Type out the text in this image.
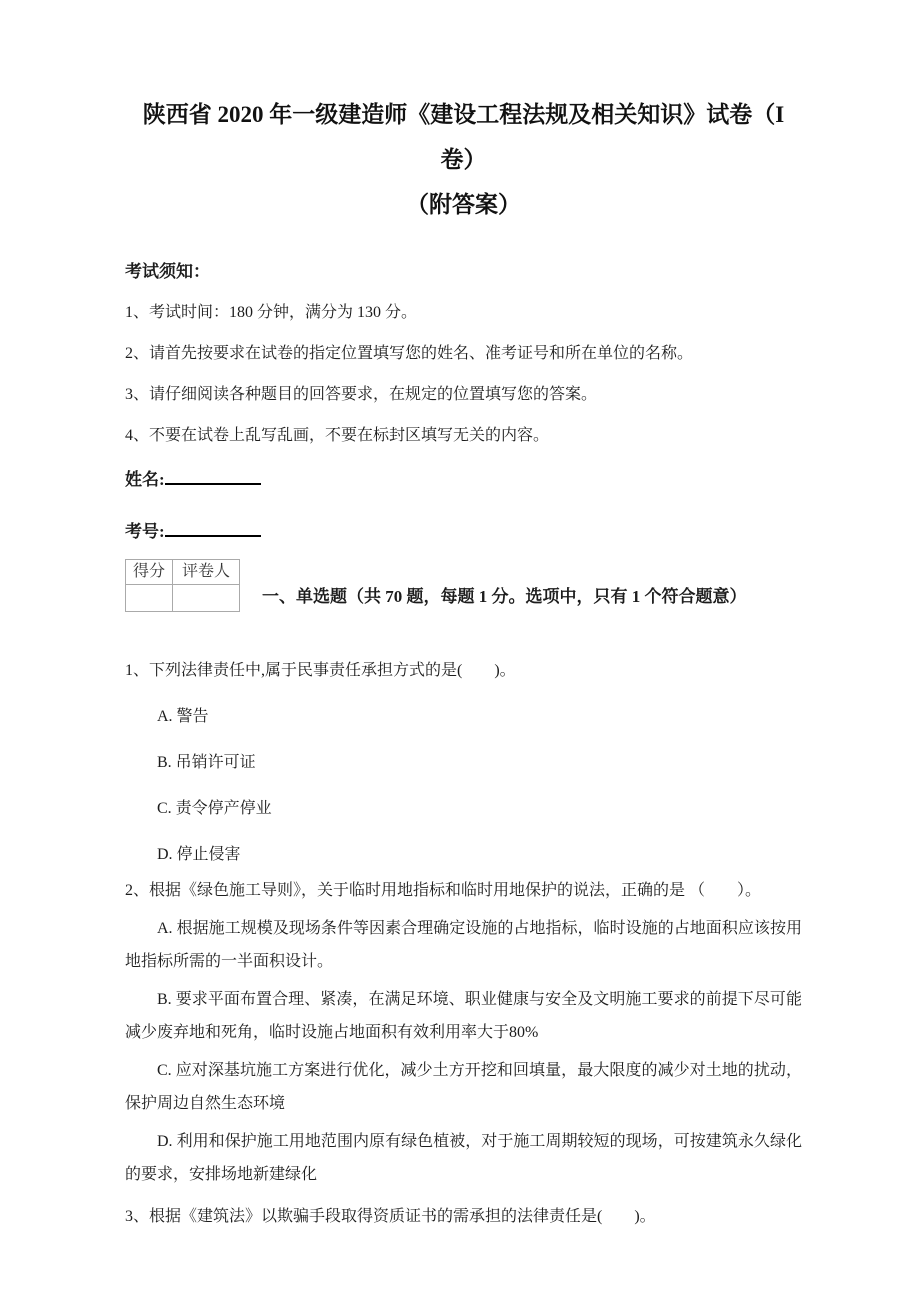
陕西省 2020 年一级建造师《建设工程法规及相关知识》试卷（I 卷）
（附答案）
考试须知：

1、考试时间：180 分钟，满分为 130 分。

2、请首先按要求在试卷的指定位置填写您的姓名、准考证号和所在单位的名称。

3、请仔细阅读各种题目的回答要求，在规定的位置填写您的答案。

4、不要在试卷上乱写乱画，不要在标封区填写无关的内容。

姓名:

考号:

得分	评卷人

一、单选题（共 70 题，每题 1 分。选项中，只有 1 个符合题意）

1、下列法律责任中,属于民事责任承担方式的是(　　)。

A. 警告

B. 吊销许可证

C. 责令停产停业

D. 停止侵害

2、根据《绿色施工导则》，关于临时用地指标和临时用地保护的说法，正确的是 （　　）。

A. 根据施工规模及现场条件等因素合理确定设施的占地指标，临时设施的占地面积应该按用地指标所需的一半面积设计。

B. 要求平面布置合理、紧凑，在满足环境、职业健康与安全及文明施工要求的前提下尽可能减少废弃地和死角，临时设施占地面积有效利用率大于80%

C. 应对深基坑施工方案进行优化，减少土方开挖和回填量，最大限度的减少对土地的扰动，保护周边自然生态环境

D. 利用和保护施工用地范围内原有绿色植被，对于施工周期较短的现场，可按建筑永久绿化的要求，安排场地新建绿化

3、根据《建筑法》以欺骗手段取得资质证书的需承担的法律责任是(　　)。
